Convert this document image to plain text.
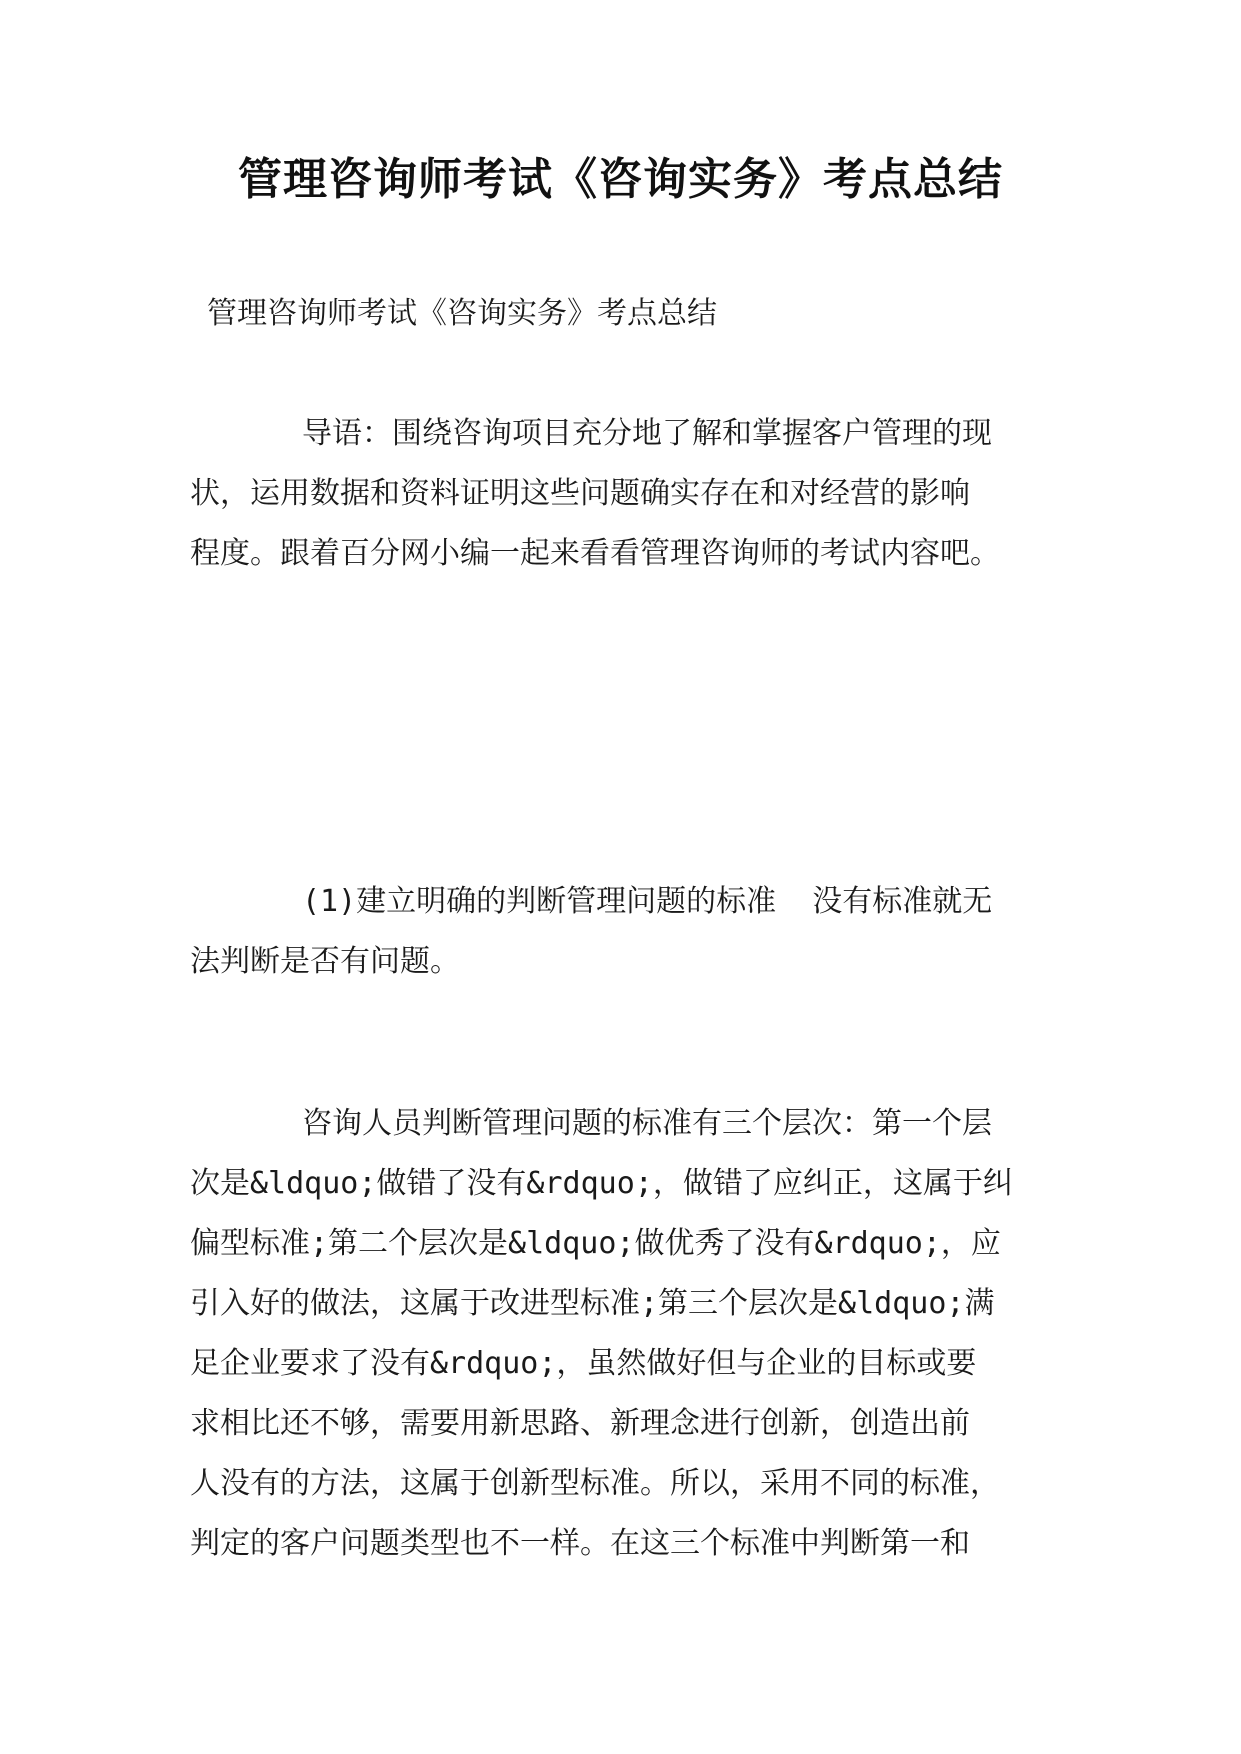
管理咨询师考试《咨询实务》考点总结
管理咨询师考试《咨询实务》考点总结
导语：围绕咨询项目充分地了解和掌握客户管理的现
状，运用数据和资料证明这些问题确实存在和对经营的影响
程度。跟着百分网小编一起来看看管理咨询师的考试内容吧。
(1)建立明确的判断管理问题的标准  没有标准就无
法判断是否有问题。
咨询人员判断管理问题的标准有三个层次：第一个层
次是&ldquo;做错了没有&rdquo;，做错了应纠正，这属于纠
偏型标准;第二个层次是&ldquo;做优秀了没有&rdquo;，应
引入好的做法，这属于改进型标准;第三个层次是&ldquo;满
足企业要求了没有&rdquo;，虽然做好但与企业的目标或要
求相比还不够，需要用新思路、新理念进行创新，创造出前
人没有的方法，这属于创新型标准。所以，采用不同的标准，
判定的客户问题类型也不一样。在这三个标准中判断第一和
